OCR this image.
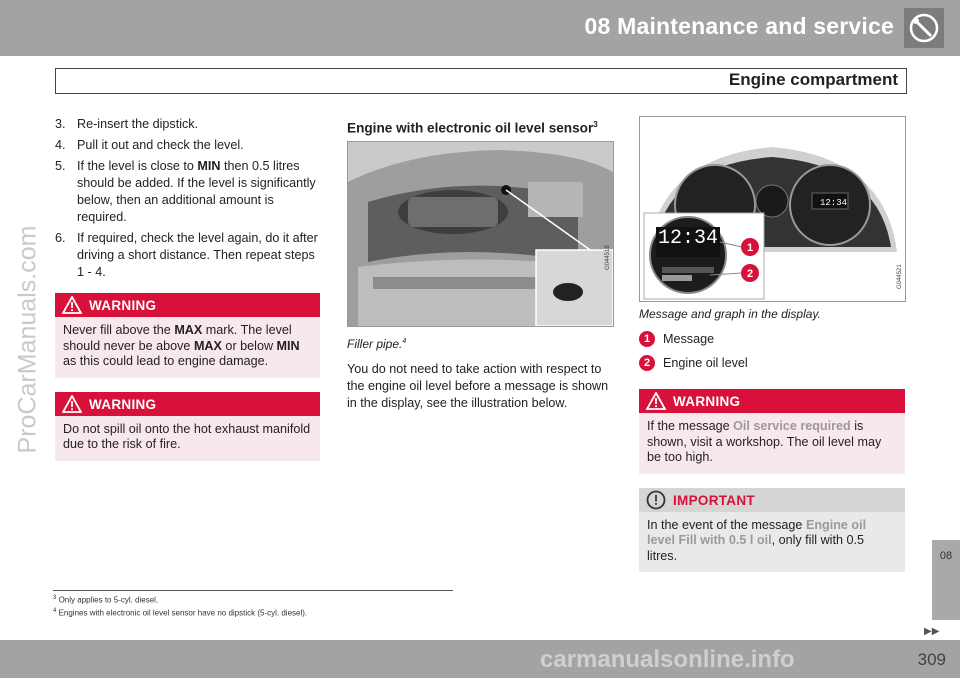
08 Maintenance and service
Engine compartment
ProCarManuals.com
3. Re-insert the dipstick.
4. Pull it out and check the level.
5. If the level is close to MIN then 0.5 litres should be added. If the level is significantly below, then an additional amount is required.
6. If required, check the level again, do it after driving a short distance. Then repeat steps 1 - 4.
WARNING
Never fill above the MAX mark. The level should never be above MAX or below MIN as this could lead to engine damage.
WARNING
Do not spill oil onto the hot exhaust manifold due to the risk of fire.
Engine with electronic oil level sensor$^3$
G044518
Filler pipe.$^4$
You do not need to take action with respect to the engine oil level before a message is shown in the display, see the illustration below.
1
2
12:34
12:34
G044521
Message and graph in the display.
1	Message
2	Engine oil level
WARNING
If the message Oil service required is shown, visit a workshop. The oil level may be too high.
IMPORTANT
In the event of the message Engine oil level Fill with 0.5 l oil, only fill with 0.5 litres.
$^3$ Only applies to 5-cyl. diesel.
$^4$ Engines with electronic oil level sensor have no dipstick (5-cyl. diesel).
08
▶▶
309
carmanualsonline.info
